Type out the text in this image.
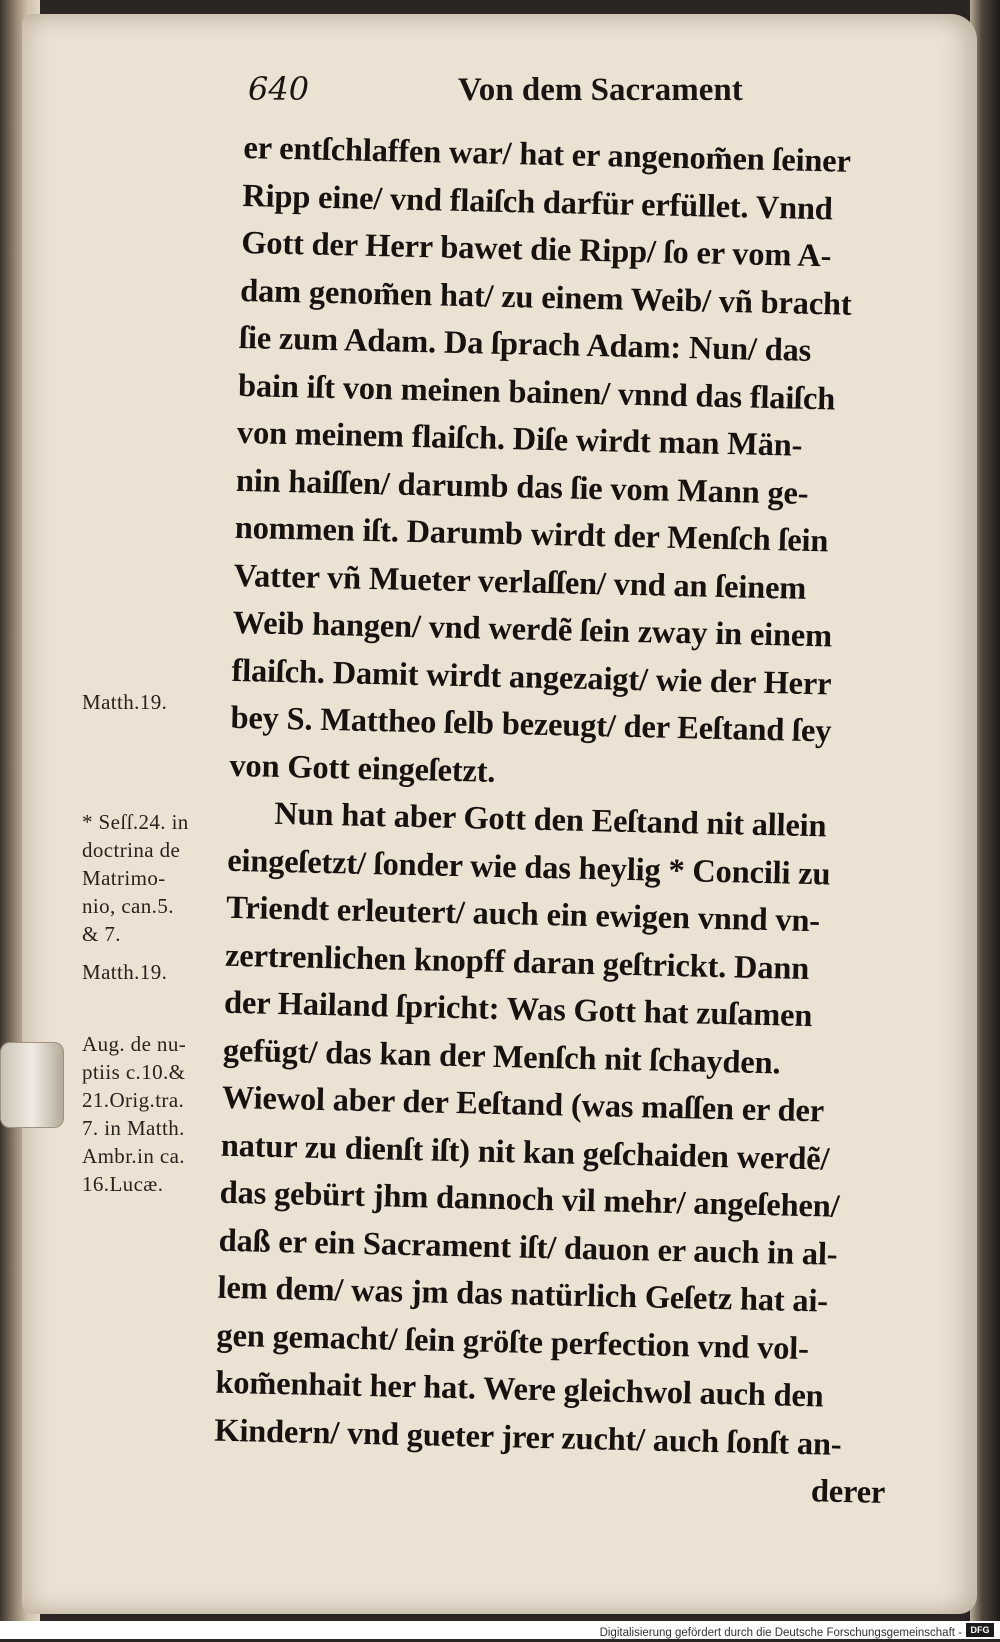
640	Von dem Sacrament
er entſchlaffen war/ hat er angenom̃en ſeiner
Ripp eine/ vnd flaiſch darfür erfüllet. Vnnd
Gott der Herr bawet die Ripp/ ſo er vom A-
dam genom̃en hat/ zu einem Weib/ vñ bracht
ſie zum Adam. Da ſprach Adam: Nun/ das
bain iſt von meinen bainen/ vnnd das flaiſch
von meinem flaiſch. Diſe wirdt man Män-
nin haiſſen/ darumb das ſie vom Mann ge-
nommen iſt. Darumb wirdt der Menſch ſein
Vatter vñ Mueter verlaſſen/ vnd an ſeinem
Weib hangen/ vnd werdẽ ſein zway in einem
flaiſch. Damit wirdt angezaigt/ wie der Herr
bey S. Mattheo ſelb bezeugt/ der Eeſtand ſey
von Gott eingeſetzt.
Nun hat aber Gott den Eeſtand nit allein
eingeſetzt/ ſonder wie das heylig * Concili zu
Triendt erleutert/ auch ein ewigen vnnd vn-
zertrenlichen knopff daran geſtrickt. Dann
der Hailand ſpricht: Was Gott hat zuſamen
gefügt/ das kan der Menſch nit ſchayden.
Wiewol aber der Eeſtand (was maſſen er der
natur zu dienſt iſt) nit kan geſchaiden werdẽ/
das gebürt jhm dannoch vil mehr/ angeſehen/
daß er ein Sacrament iſt/ dauon er auch in al-
lem dem/ was jm das natürlich Geſetz hat ai-
gen gemacht/ ſein gröſte perfection vnd vol-
kom̃enhait her hat. Were gleichwol auch den
Kindern/ vnd gueter jrer zucht/ auch ſonſt an-
derer
Matth.19.
* Seſſ.24. in
doctrina de
Matrimo-
nio, can.5.
& 7.
Matth.19.
Aug. de nu-
ptiis c.10.&
21.Orig.tra.
7. in Matth.
Ambr.in ca.
16.Lucæ.
Digitalisierung gefördert durch die Deutsche Forschungsgemeinschaft - DFG
